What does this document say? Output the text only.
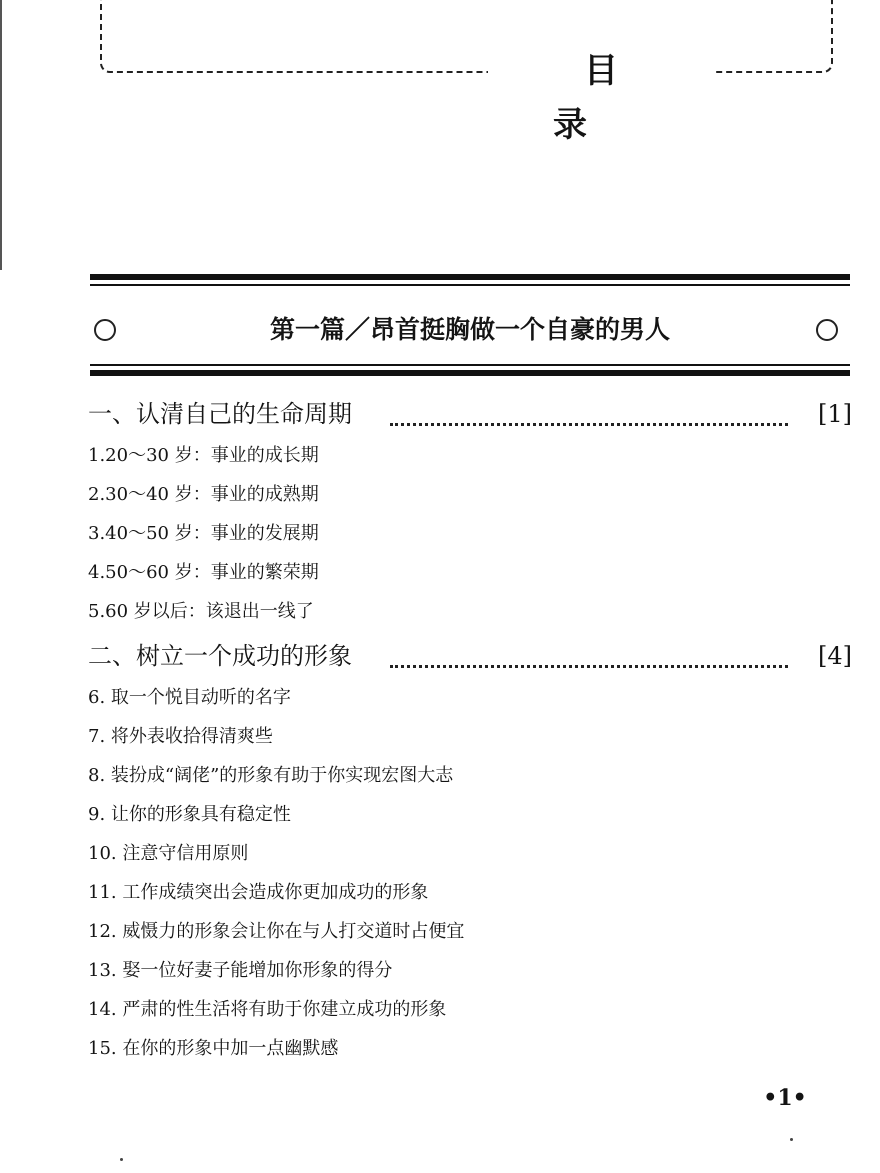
目录
第一篇／昂首挺胸做一个自豪的男人
一、认清自己的生命周期	[1]
1.20～30 岁：事业的成长期
2.30～40 岁：事业的成熟期
3.40～50 岁：事业的发展期
4.50～60 岁：事业的繁荣期
5.60 岁以后：该退出一线了
二、树立一个成功的形象	[4]
6. 取一个悦目动听的名字
7. 将外表收拾得清爽些
8. 装扮成“阔佬”的形象有助于你实现宏图大志
9. 让你的形象具有稳定性
10. 注意守信用原则
11. 工作成绩突出会造成你更加成功的形象
12. 威慑力的形象会让你在与人打交道时占便宜
13. 娶一位好妻子能增加你形象的得分
14. 严肃的性生活将有助于你建立成功的形象
15. 在你的形象中加一点幽默感
•1•
